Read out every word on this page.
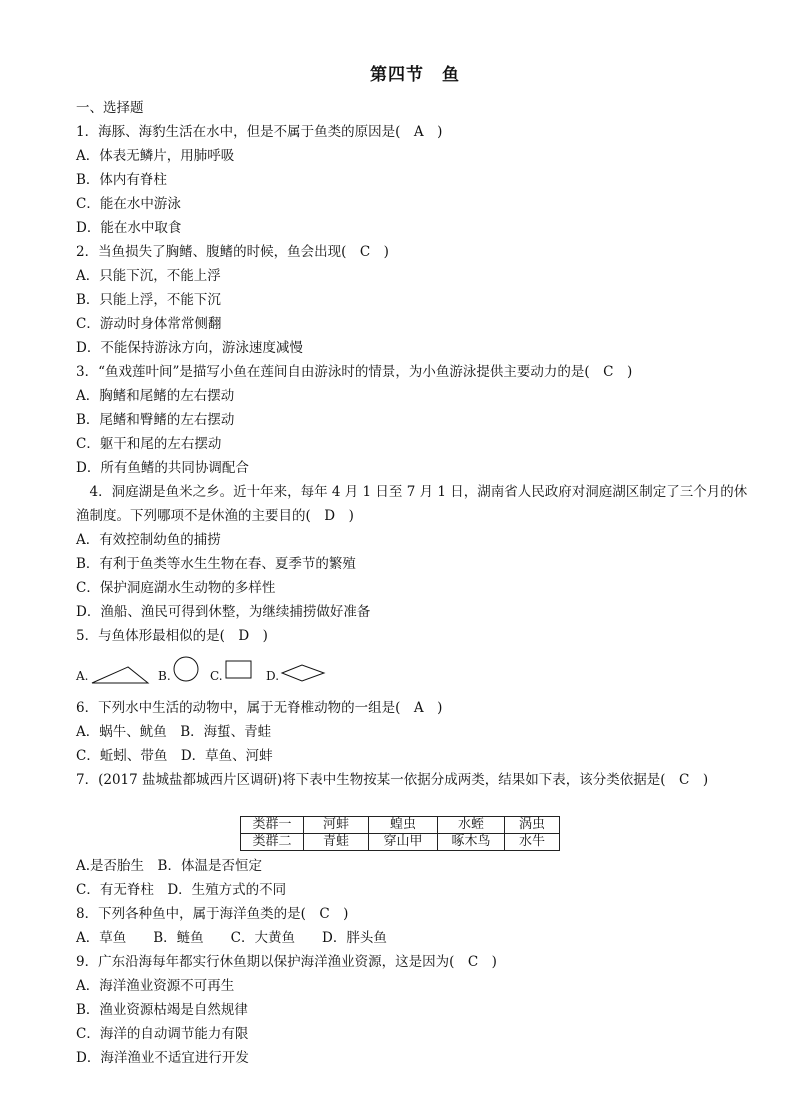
第四节　鱼
一、选择题
1．海豚、海豹生活在水中，但是不属于鱼类的原因是(　A　)
A．体表无鳞片，用肺呼吸
B．体内有脊柱
C．能在水中游泳
D．能在水中取食
2．当鱼损失了胸鳍、腹鳍的时候，鱼会出现(　C　)
A．只能下沉，不能上浮
B．只能上浮，不能下沉
C．游动时身体常常侧翻
D．不能保持游泳方向，游泳速度减慢
3．“鱼戏莲叶间”是描写小鱼在莲间自由游泳时的情景，为小鱼游泳提供主要动力的是(　C　)
A．胸鳍和尾鳍的左右摆动
B．尾鳍和臀鳍的左右摆动
C．躯干和尾的左右摆动
D．所有鱼鳍的共同协调配合
　4．洞庭湖是鱼米之乡。近十年来，每年 4 月 1 日至 7 月 1 日，湖南省人民政府对洞庭湖区制定了三个月的休
渔制度。下列哪项不是休渔的主要目的(　D　)
A．有效控制幼鱼的捕捞
B．有利于鱼类等水生生物在春、夏季节的繁殖
C．保护洞庭湖水生动物的多样性
D．渔船、渔民可得到休整，为继续捕捞做好准备
5．与鱼体形最相似的是(　D　)
A.	B.	C.	D.
6．下列水中生活的动物中，属于无脊椎动物的一组是(　A　)
A．蜗牛、鱿鱼　B．海蜇、青蛙
C．蚯蚓、带鱼　D．草鱼、河蚌
7．(2017 盐城盐都城西片区调研)将下表中生物按某一依据分成两类，结果如下表，该分类依据是(　C　)
类群一	河蚌	蝗虫	水蛭	涡虫
类群二	青蛙	穿山甲	啄木鸟	水牛
A.是否胎生　B．体温是否恒定
C．有无脊柱　D．生殖方式的不同
8．下列各种鱼中，属于海洋鱼类的是(　C　)
A．草鱼　　B．鲢鱼　　C．大黄鱼　　D．胖头鱼
9．广东沿海每年都实行休鱼期以保护海洋渔业资源，这是因为(　C　)
A．海洋渔业资源不可再生
B．渔业资源枯竭是自然规律
C．海洋的自动调节能力有限
D．海洋渔业不适宜进行开发
